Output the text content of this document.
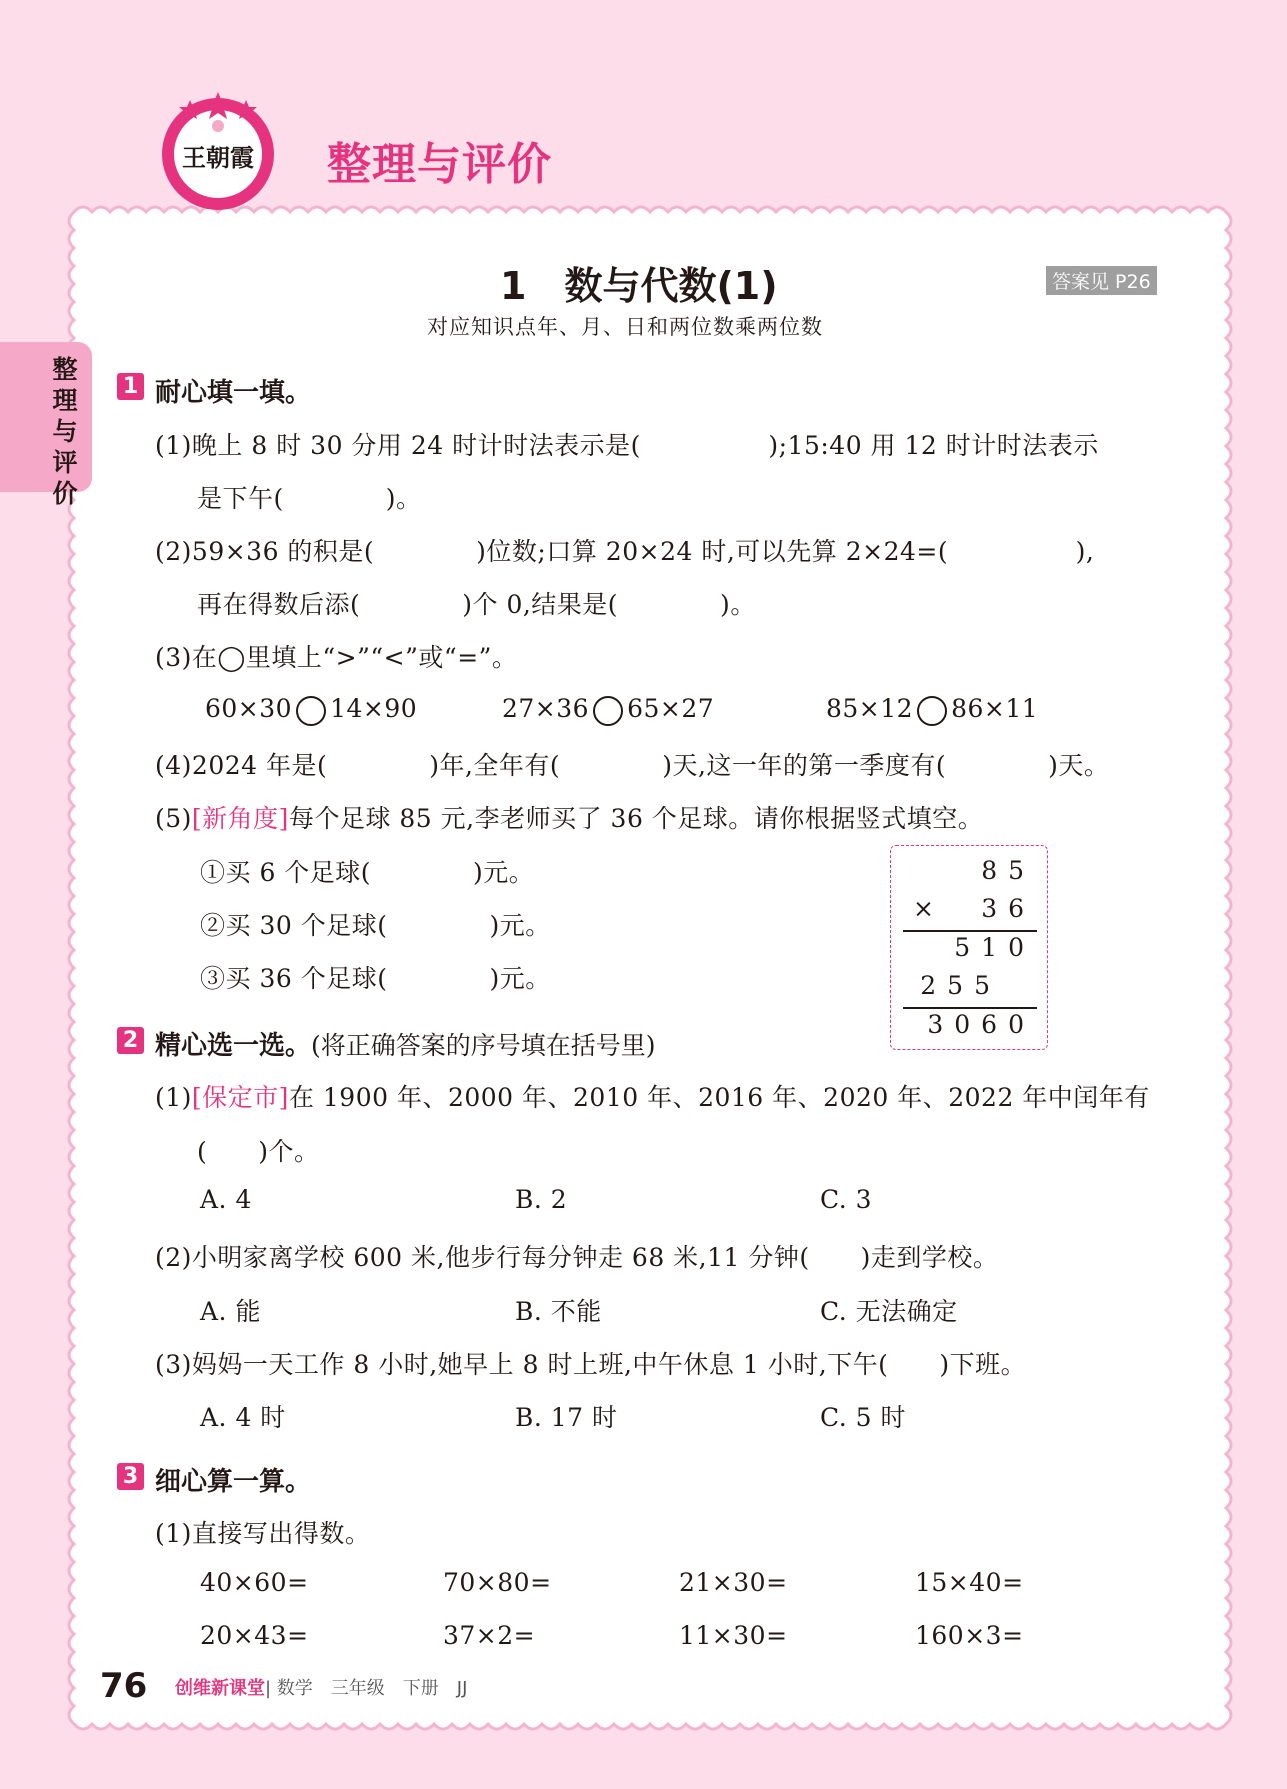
王朝霞 整理与评价
整理与评价
1　数与代数(1)	答案见 P26
对应知识点年、月、日和两位数乘两位数
1 耐心填一填。
(1)晚上 8 时 30 分用 24 时计时法表示是(　　　　　);15:40 用 12 时计时法表示
是下午(　　　　)。
(2)59×36 的积是(　　　　)位数;口算 20×24 时,可以先算 2×24=(　　　　　),
再在得数后添(　　　　)个 0,结果是(　　　　)。
(3)在◯里填上“>”“<”或“=”。
60×30 14×90	27×36 65×27	85×12 86×11
(4)2024 年是(　　　　)年,全年有(　　　　)天,这一年的第一季度有(　　　　)天。
(5)[新角度]每个足球 85 元,李老师买了 36 个足球。请你根据竖式填空。
①买 6 个足球(　　　　)元。
②买 30 个足球(　　　　)元。
③买 36 个足球(　　　　)元。
85
× 36
510
255
3060
2 精心选一选。(将正确答案的序号填在括号里)
(1)[保定市]在 1900 年、2000 年、2010 年、2016 年、2020 年、2022 年中闰年有
(　　)个。
A. 4	B. 2	C. 3
(2)小明家离学校 600 米,他步行每分钟走 68 米,11 分钟(　　)走到学校。
A. 能	B. 不能	C. 无法确定
(3)妈妈一天工作 8 小时,她早上 8 时上班,中午休息 1 小时,下午(　　)下班。
A. 4 时	B. 17 时	C. 5 时
3 细心算一算。
(1)直接写出得数。
40×60=	70×80=	21×30=	15×40=
20×43=	37×2=	11×30=	160×3=
76 创维新课堂| 数学　三年级　下册　JJ
